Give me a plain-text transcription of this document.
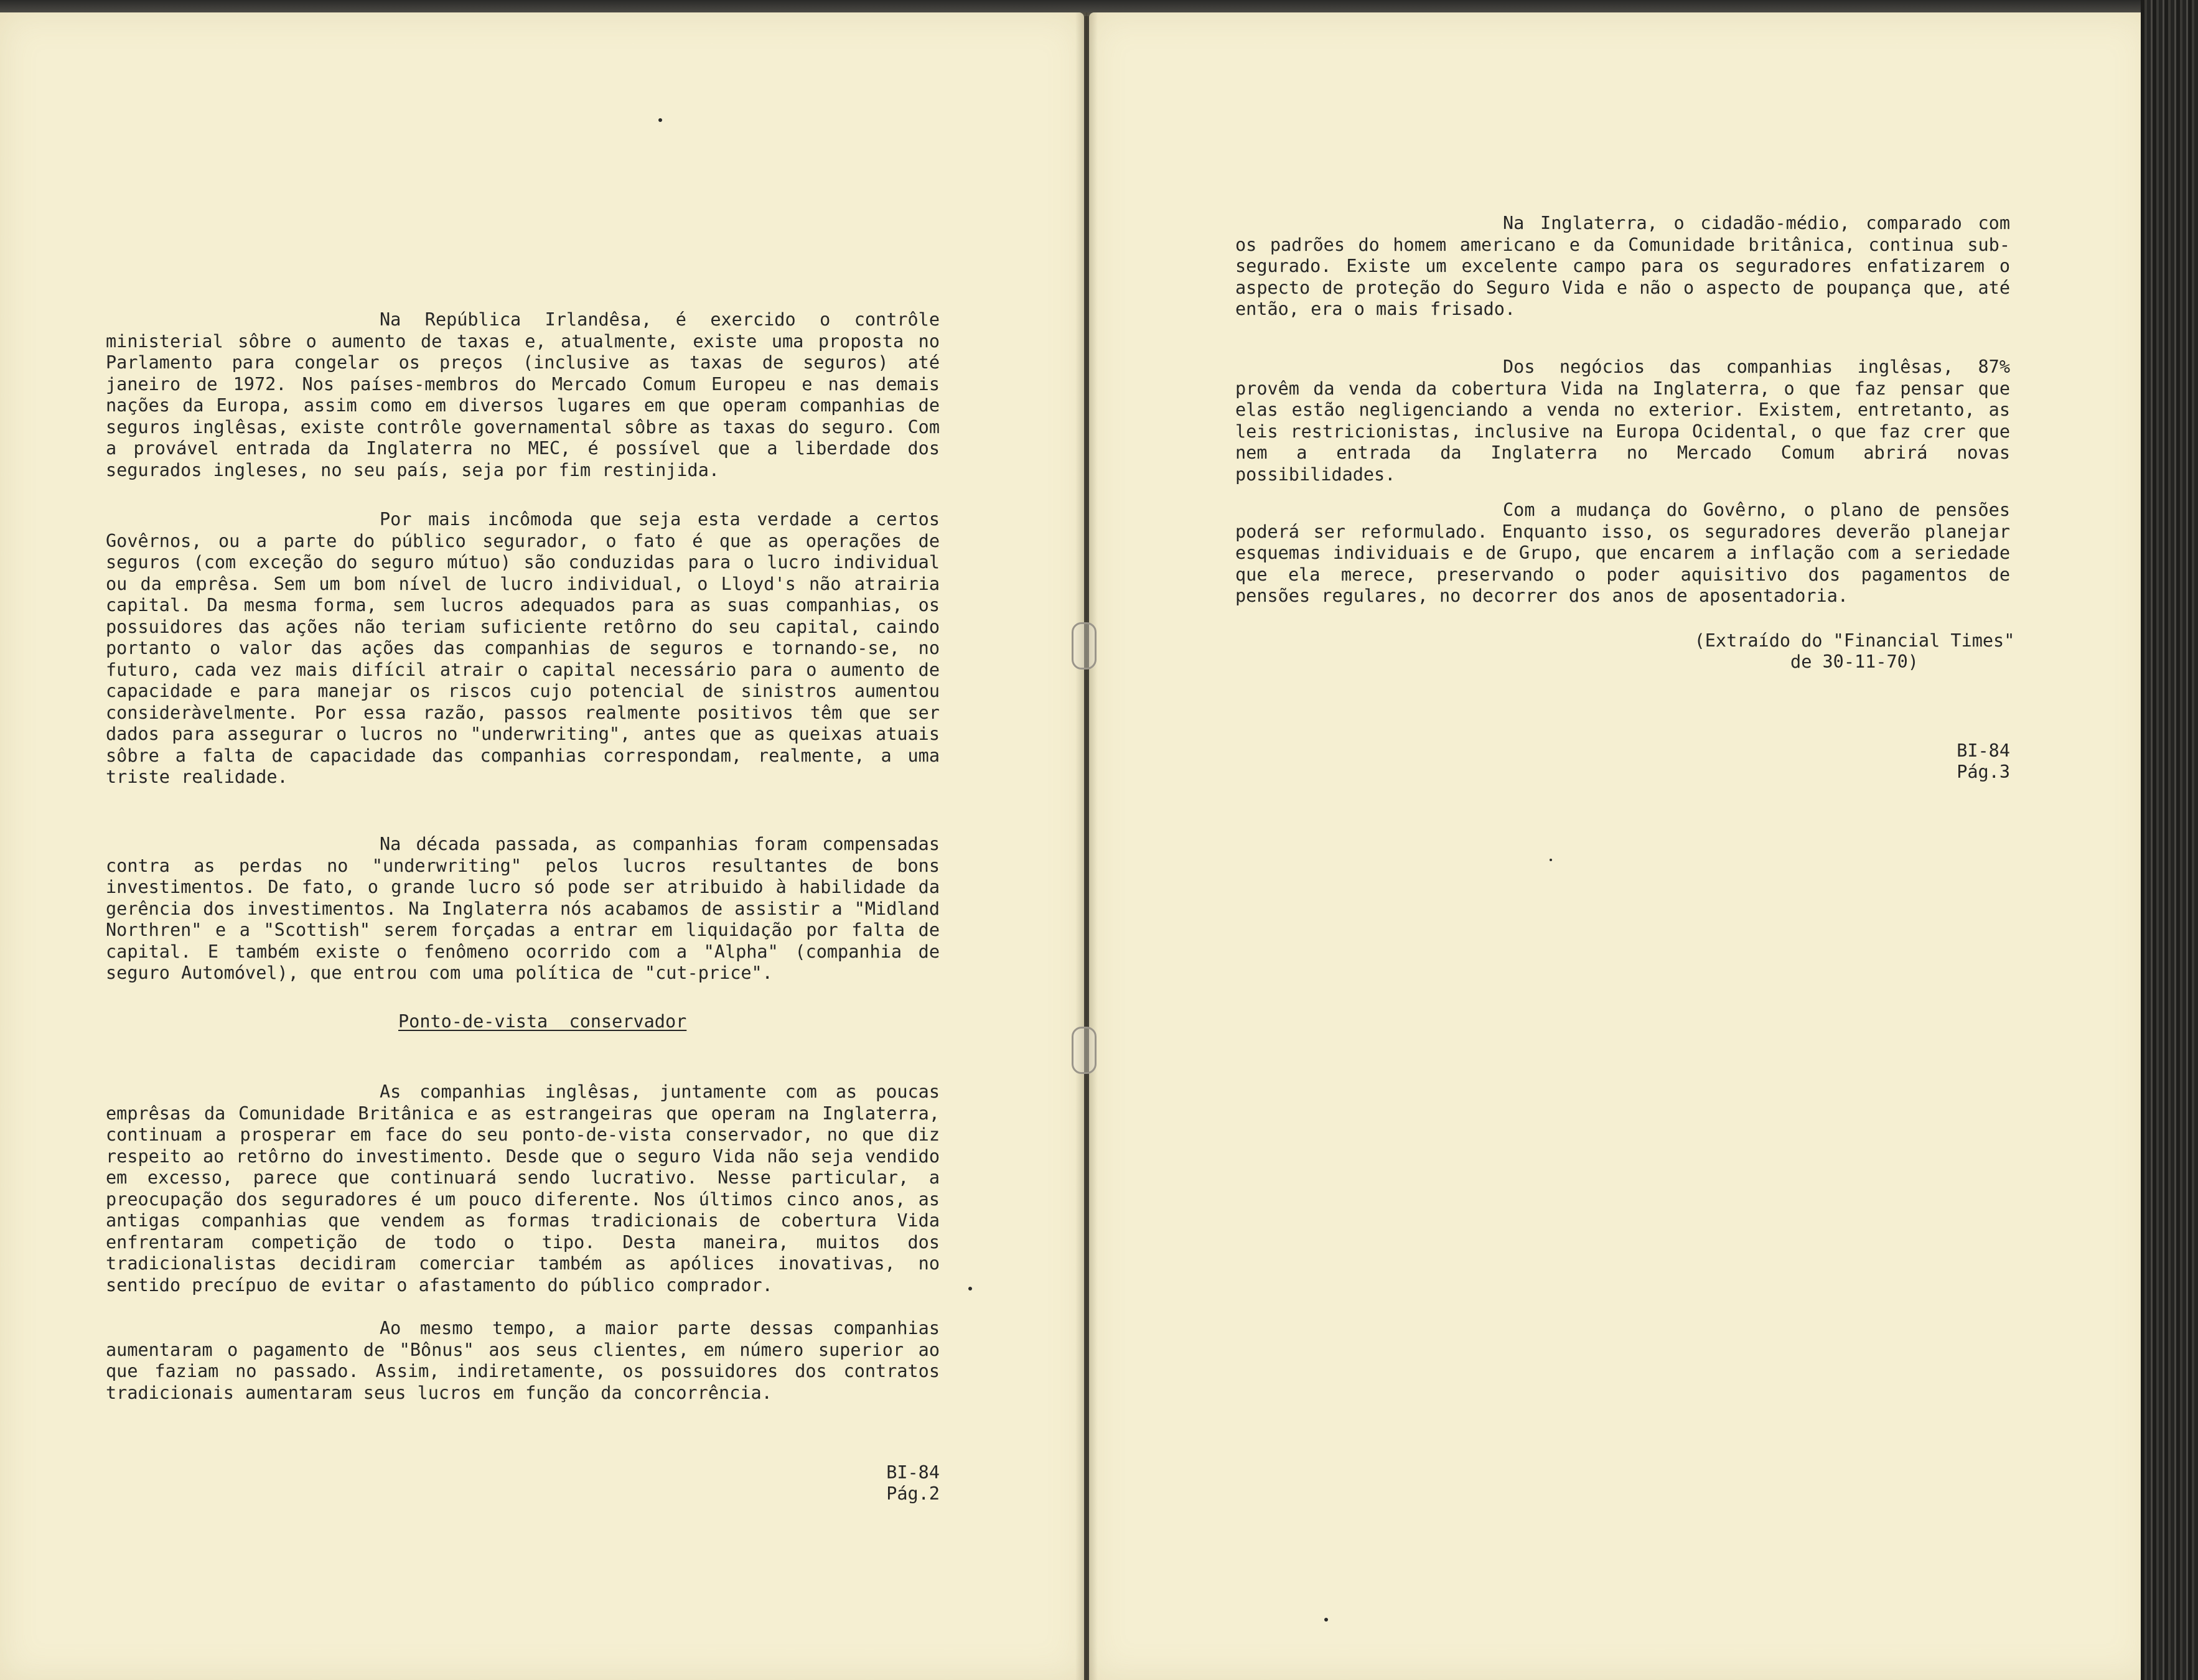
Na República Irlandêsa, é exercido o contrôle ministerial sôbre o aumento de taxas e, atualmente, existe uma proposta no Parlamento para congelar os preços (inclusive as taxas de seguros) até janeiro de 1972. Nos países-membros do Mercado Comum Europeu e nas demais nações da Europa, assim como em diversos lugares em que operam companhias de seguros inglêsas, existe contrôle governamental sôbre as taxas do seguro. Com a provável entrada da Inglaterra no MEC, é possível que a liberdade dos segurados ingleses, no seu país, seja por fim restinjida.

Por mais incômoda que seja esta verdade a certos Govêrnos, ou a parte do público segurador, o fato é que as operações de seguros (com exceção do seguro mútuo) são conduzidas para o lucro individual ou da emprêsa. Sem um bom nível de lucro individual, o Lloyd's não atrairia capital. Da mesma forma, sem lucros adequados para as suas companhias, os possuidores das ações não teriam suficiente retôrno do seu capital, caindo portanto o valor das ações das companhias de seguros e tornando-se, no futuro, cada vez mais difícil atrair o capital necessário para o aumento de capacidade e para manejar os riscos cujo potencial de sinistros aumentou consideràvelmente. Por essa razão, passos realmente positivos têm que ser dados para assegurar o lucros no "underwriting", antes que as queixas atuais sôbre a falta de capacidade das companhias correspondam, realmente, a uma triste realidade.

Na década passada, as companhias foram compensadas contra as perdas no "underwriting" pelos lucros resultantes de bons investimentos. De fato, o grande lucro só pode ser atribuido à habilidade da gerência dos investimentos. Na Inglaterra nós acabamos de assistir a "Midland Northren" e a "Scottish" serem forçadas a entrar em liquidação por falta de capital. E também existe o fenômeno ocorrido com a "Alpha" (companhia de seguro Automóvel), que entrou com uma política de "cut-price".

Ponto-de-vista  conservador

As companhias inglêsas, juntamente com as poucas emprêsas da Comunidade Britânica e as estrangeiras que operam na Inglaterra, continuam a prosperar em face do seu ponto-de-vista conservador, no que diz respeito ao retôrno do investimento. Desde que o seguro Vida não seja vendido em excesso, parece que continuará sendo lucrativo. Nesse particular, a preocupação dos seguradores é um pouco diferente. Nos últimos cinco anos, as antigas companhias que vendem as formas tradicionais de cobertura Vida enfrentaram competição de todo o tipo. Desta maneira, muitos dos tradicionalistas decidiram comerciar também as apólices inovativas, no sentido precípuo de evitar o afastamento do público comprador.

Ao mesmo tempo, a maior parte dessas companhias aumentaram o pagamento de "Bônus" aos seus clientes, em número superior ao que faziam no passado. Assim, indiretamente, os possuidores dos contratos tradicionais aumentaram seus lucros em função da concorrência.

BI-84
Pág.2

Na Inglaterra, o cidadão-médio, comparado com os padrões do homem americano e da Comunidade britânica, continua sub-segurado. Existe um excelente campo para os seguradores enfatizarem o aspecto de proteção do Seguro Vida e não o aspecto de poupança que, até então, era o mais frisado.

Dos negócios das companhias inglêsas, 87% provêm da venda da cobertura Vida na Inglaterra, o que faz pensar que elas estão negligenciando a venda no exterior. Existem, entretanto, as leis restricionistas, inclusive na Europa Ocidental, o que faz crer que nem a entrada da Inglaterra no Mercado Comum abrirá novas possibilidades.

Com a mudança do Govêrno, o plano de pensões poderá ser reformulado. Enquanto isso, os seguradores deverão planejar esquemas individuais e de Grupo, que encarem a inflação com a seriedade que ela merece, preservando o poder aquisitivo dos pagamentos de pensões regulares, no decorrer dos anos de aposentadoria.

(Extraído do "Financial Times"
de 30-11-70)
BI-84
Pág.3
